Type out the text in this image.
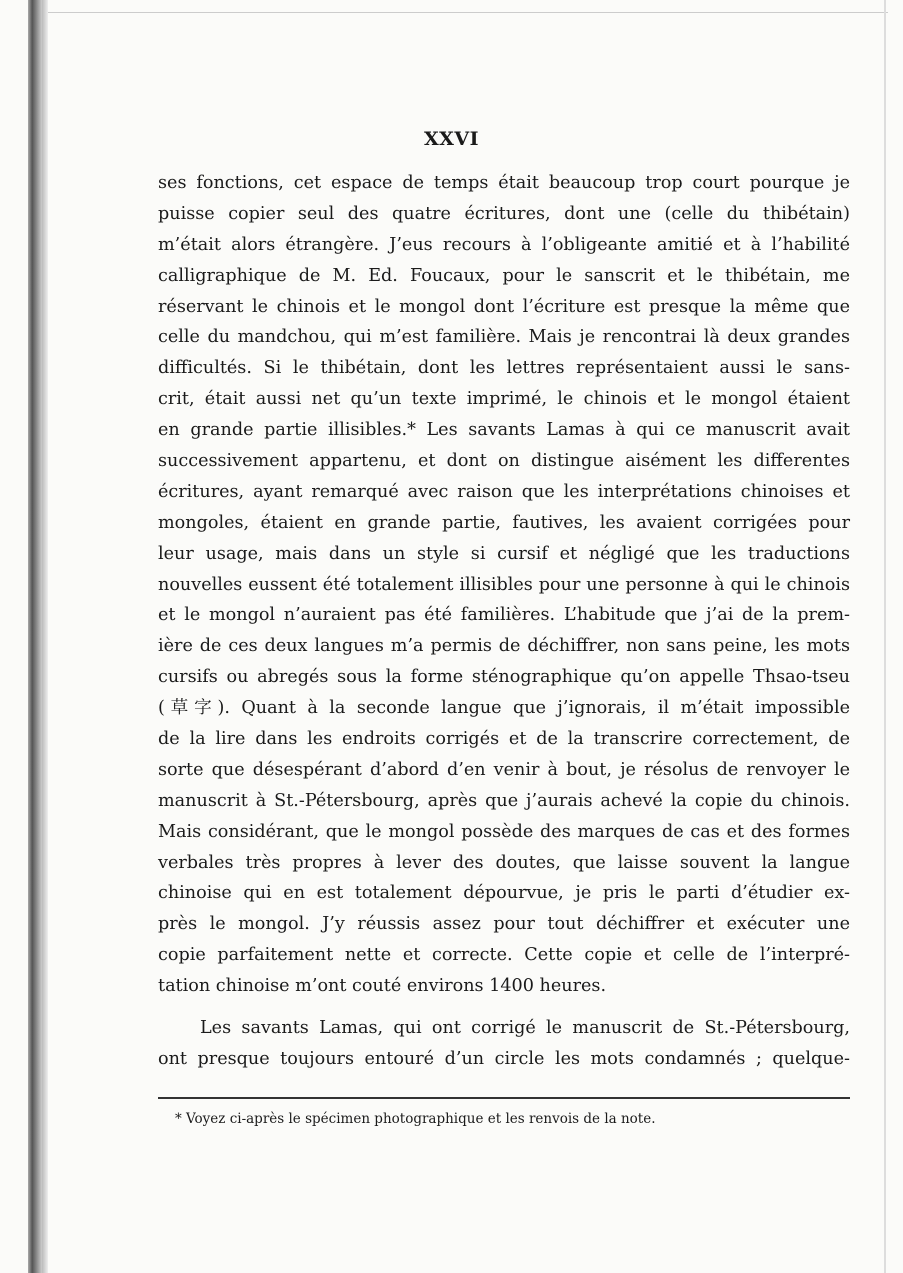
XXVI
ses fonctions, cet espace de temps était beaucoup trop court pourque je
puisse copier seul des quatre écritures, dont une (celle du thibétain)
m’était alors étrangère. J’eus recours à l’obligeante amitié et à l’habilité
calligraphique de M. Ed. Foucaux, pour le sanscrit et le thibétain, me
réservant le chinois et le mongol dont l’écriture est presque la même que
celle du mandchou, qui m’est familière. Mais je rencontrai là deux grandes
difficultés. Si le thibétain, dont les lettres représentaient aussi le sans-
crit, était aussi net qu’un texte imprimé, le chinois et le mongol étaient
en grande partie illisibles.* Les savants Lamas à qui ce manuscrit avait
successivement appartenu, et dont on distingue aisément les differentes
écritures, ayant remarqué avec raison que les interprétations chinoises et
mongoles, étaient en grande partie, fautives, les avaient corrigées pour
leur usage, mais dans un style si cursif et négligé que les traductions
nouvelles eussent été totalement illisibles pour une personne à qui le chinois
et le mongol n’auraient pas été familières. L’habitude que j’ai de la prem-
ière de ces deux langues m’a permis de déchiffrer, non sans peine, les mots
cursifs ou abregés sous la forme sténographique qu’on appelle Thsao-tseu
(草字). Quant à la seconde langue que j’ignorais, il m’était impossible
de la lire dans les endroits corrigés et de la transcrire correctement, de
sorte que désespérant d’abord d’en venir à bout, je résolus de renvoyer le
manuscrit à St.-Pétersbourg, après que j’aurais achevé la copie du chinois.
Mais considérant, que le mongol possède des marques de cas et des formes
verbales très propres à lever des doutes, que laisse souvent la langue
chinoise qui en est totalement dépourvue, je pris le parti d’étudier ex-
près le mongol. J’y réussis assez pour tout déchiffrer et exécuter une
copie parfaitement nette et correcte. Cette copie et celle de l’interpré-
tation chinoise m’ont couté environs 1400 heures.
Les savants Lamas, qui ont corrigé le manuscrit de St.-Pétersbourg,
ont presque toujours entouré d’un circle les mots condamnés ; quelque-
* Voyez ci-après le spécimen photographique et les renvois de la note.
